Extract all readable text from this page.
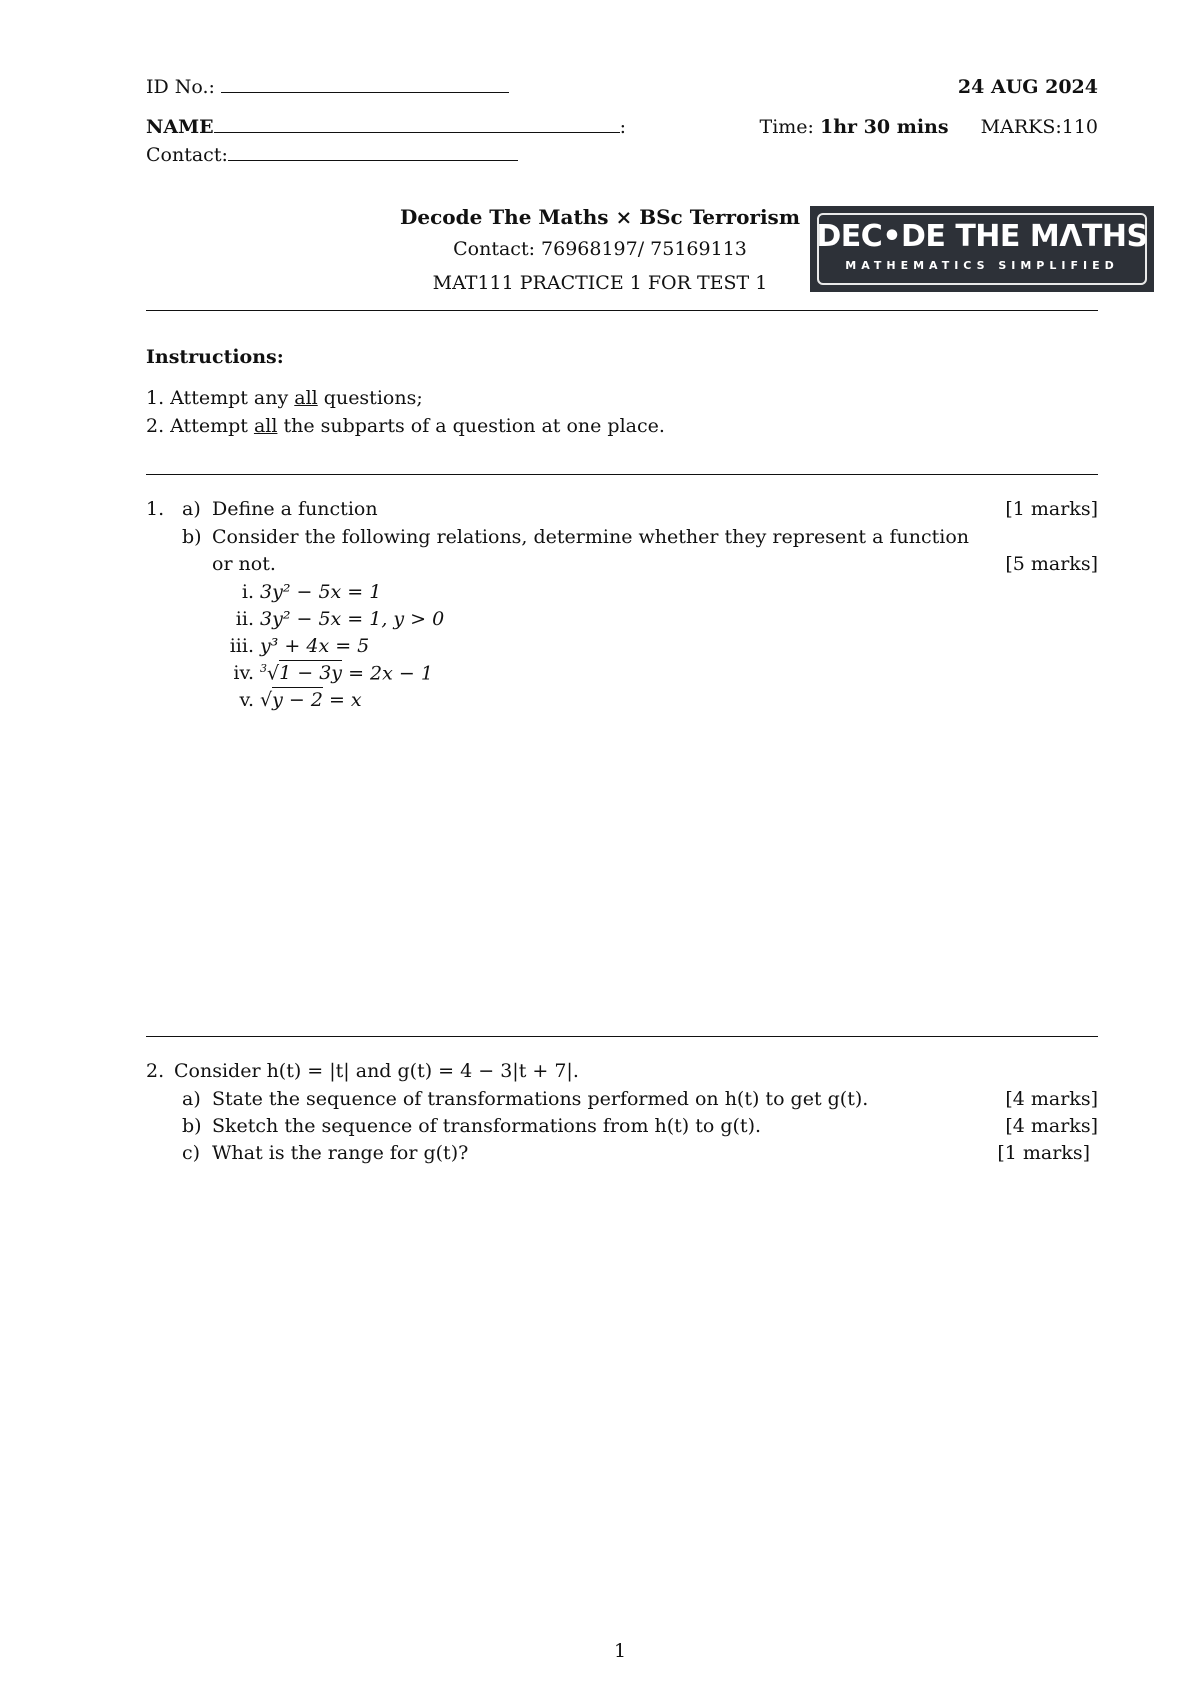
ID No.:	24 AUG 2024
NAME	:	Time: 1hr 30 mins MARKS:110
Contact:
Decode The Maths × BSc Terrorism
Contact: 76968197/ 75169113
MAT111 PRACTICE 1 FOR TEST 1
DEC•DE THE MΛTHS
MATHEMATICS SIMPLIFIED
Instructions:
1. Attempt any all questions;
2. Attempt all the subparts of a question at one place.
1. a) Define a function	[1 marks]
b) Consider the following relations, determine whether they represent a function
or not.	[5 marks]
i. 3y² − 5x = 1
ii. 3y² − 5x = 1, y > 0
iii. y³ + 4x = 5
iv. $^3$√1 − 3y = 2x − 1
v. √y − 2 = x
2. Consider h(t) = |t| and g(t) = 4 − 3|t + 7|.
a) State the sequence of transformations performed on h(t) to get g(t).	[4 marks]
b) Sketch the sequence of transformations from h(t) to g(t).	[4 marks]
c) What is the range for g(t)?	[1 marks]
1
